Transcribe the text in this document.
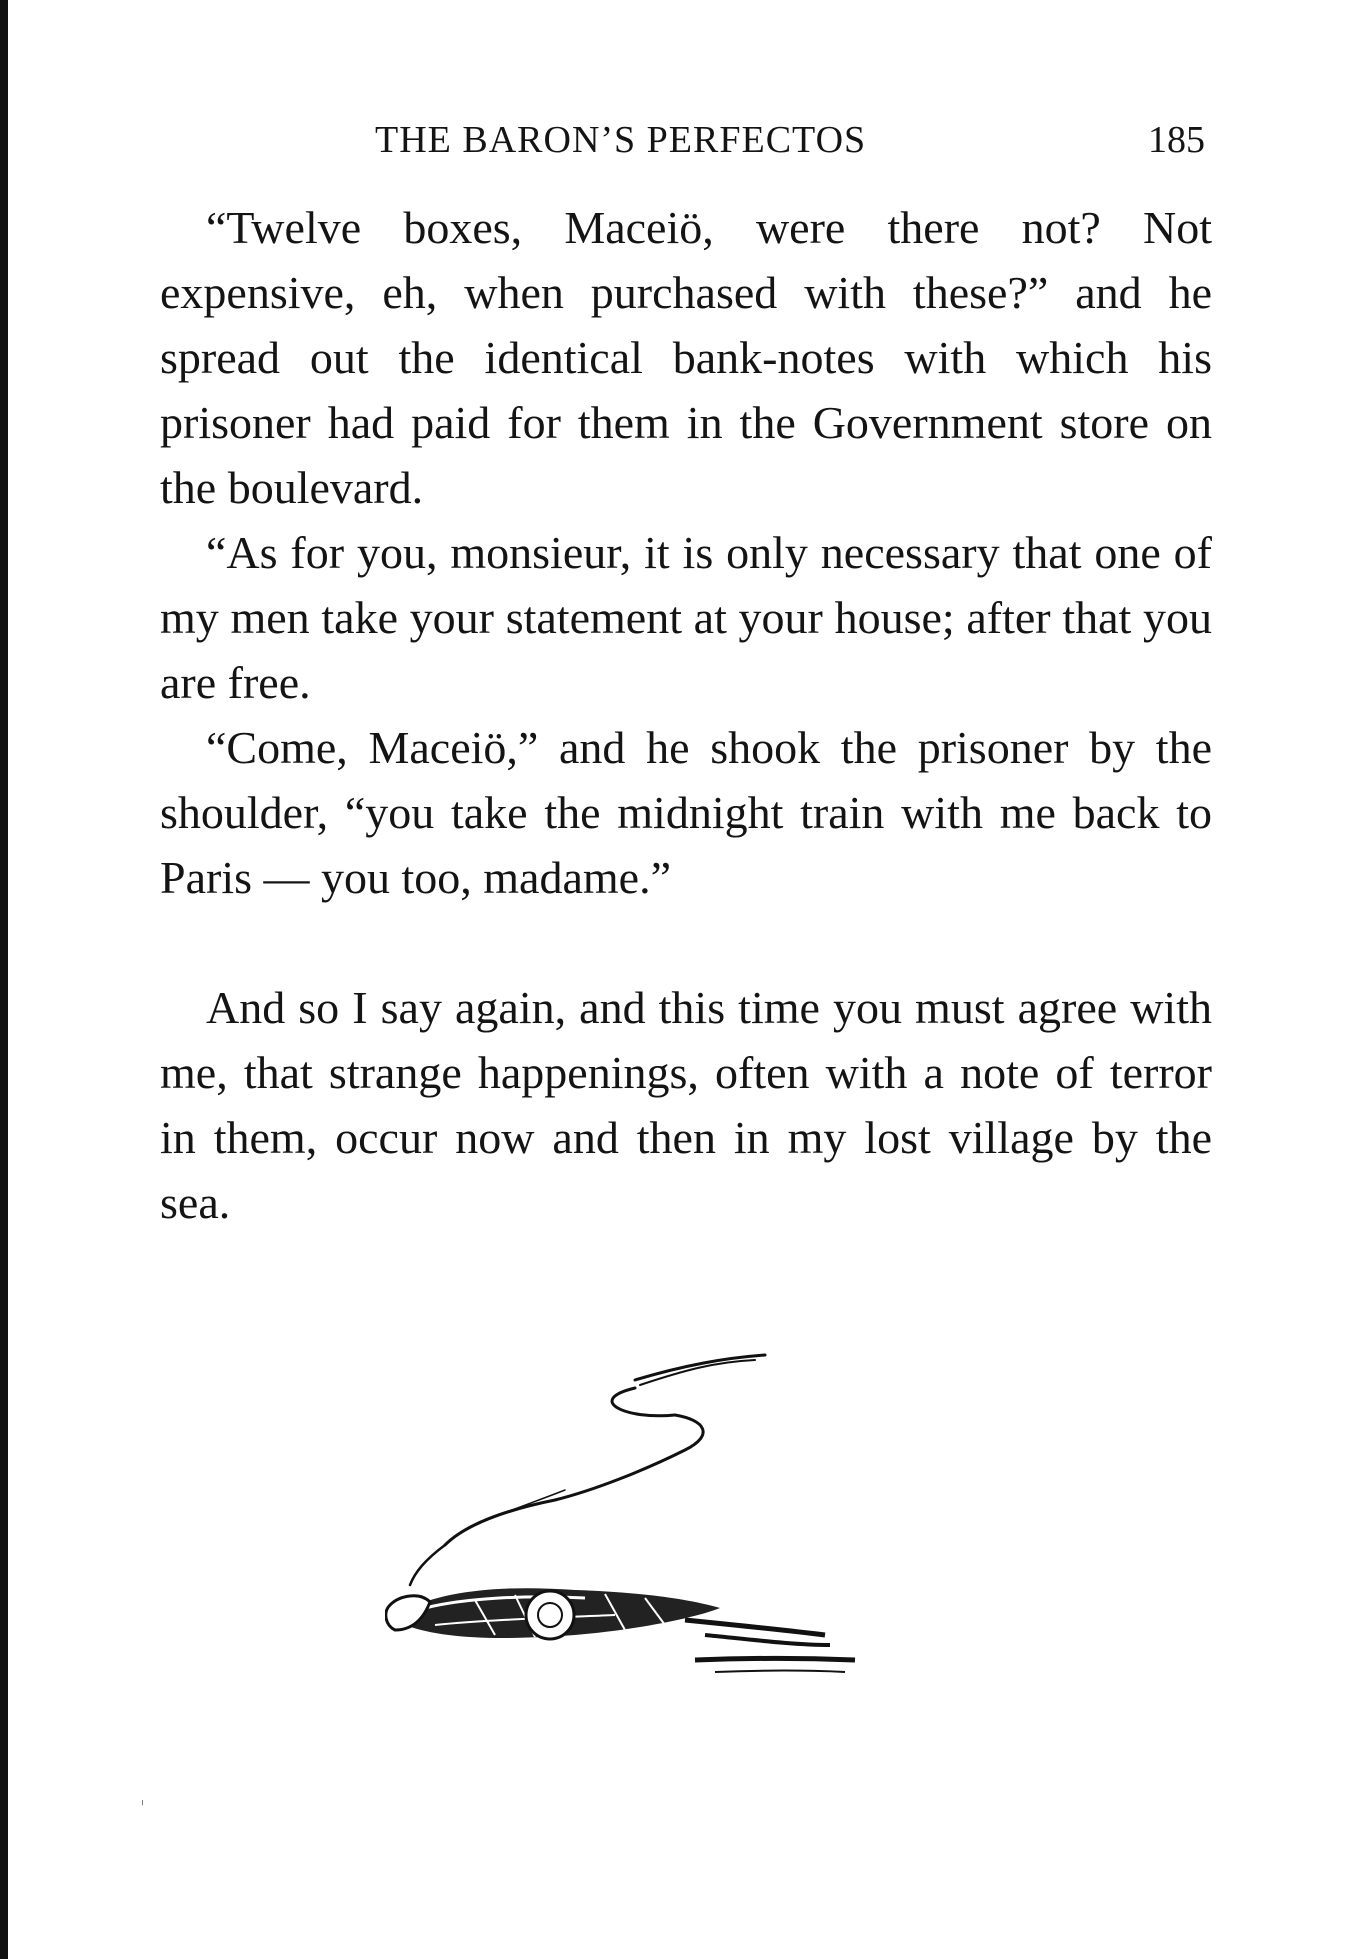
THE BARON’S PERFECTOS	185

“Twelve boxes, Maceiö, were there not? Not expensive, eh, when purchased with these?” and he spread out the identical bank-notes with which his prisoner had paid for them in the Government store on the boulevard.

“As for you, monsieur, it is only necessary that one of my men take your statement at your house; after that you are free.

“Come, Maceiö,” and he shook the prisoner by the shoulder, “you take the midnight train with me back to Paris — you too, madame.”

And so I say again, and this time you must agree with me, that strange happenings, often with a note of terror in them, occur now and then in my lost village by the sea.
